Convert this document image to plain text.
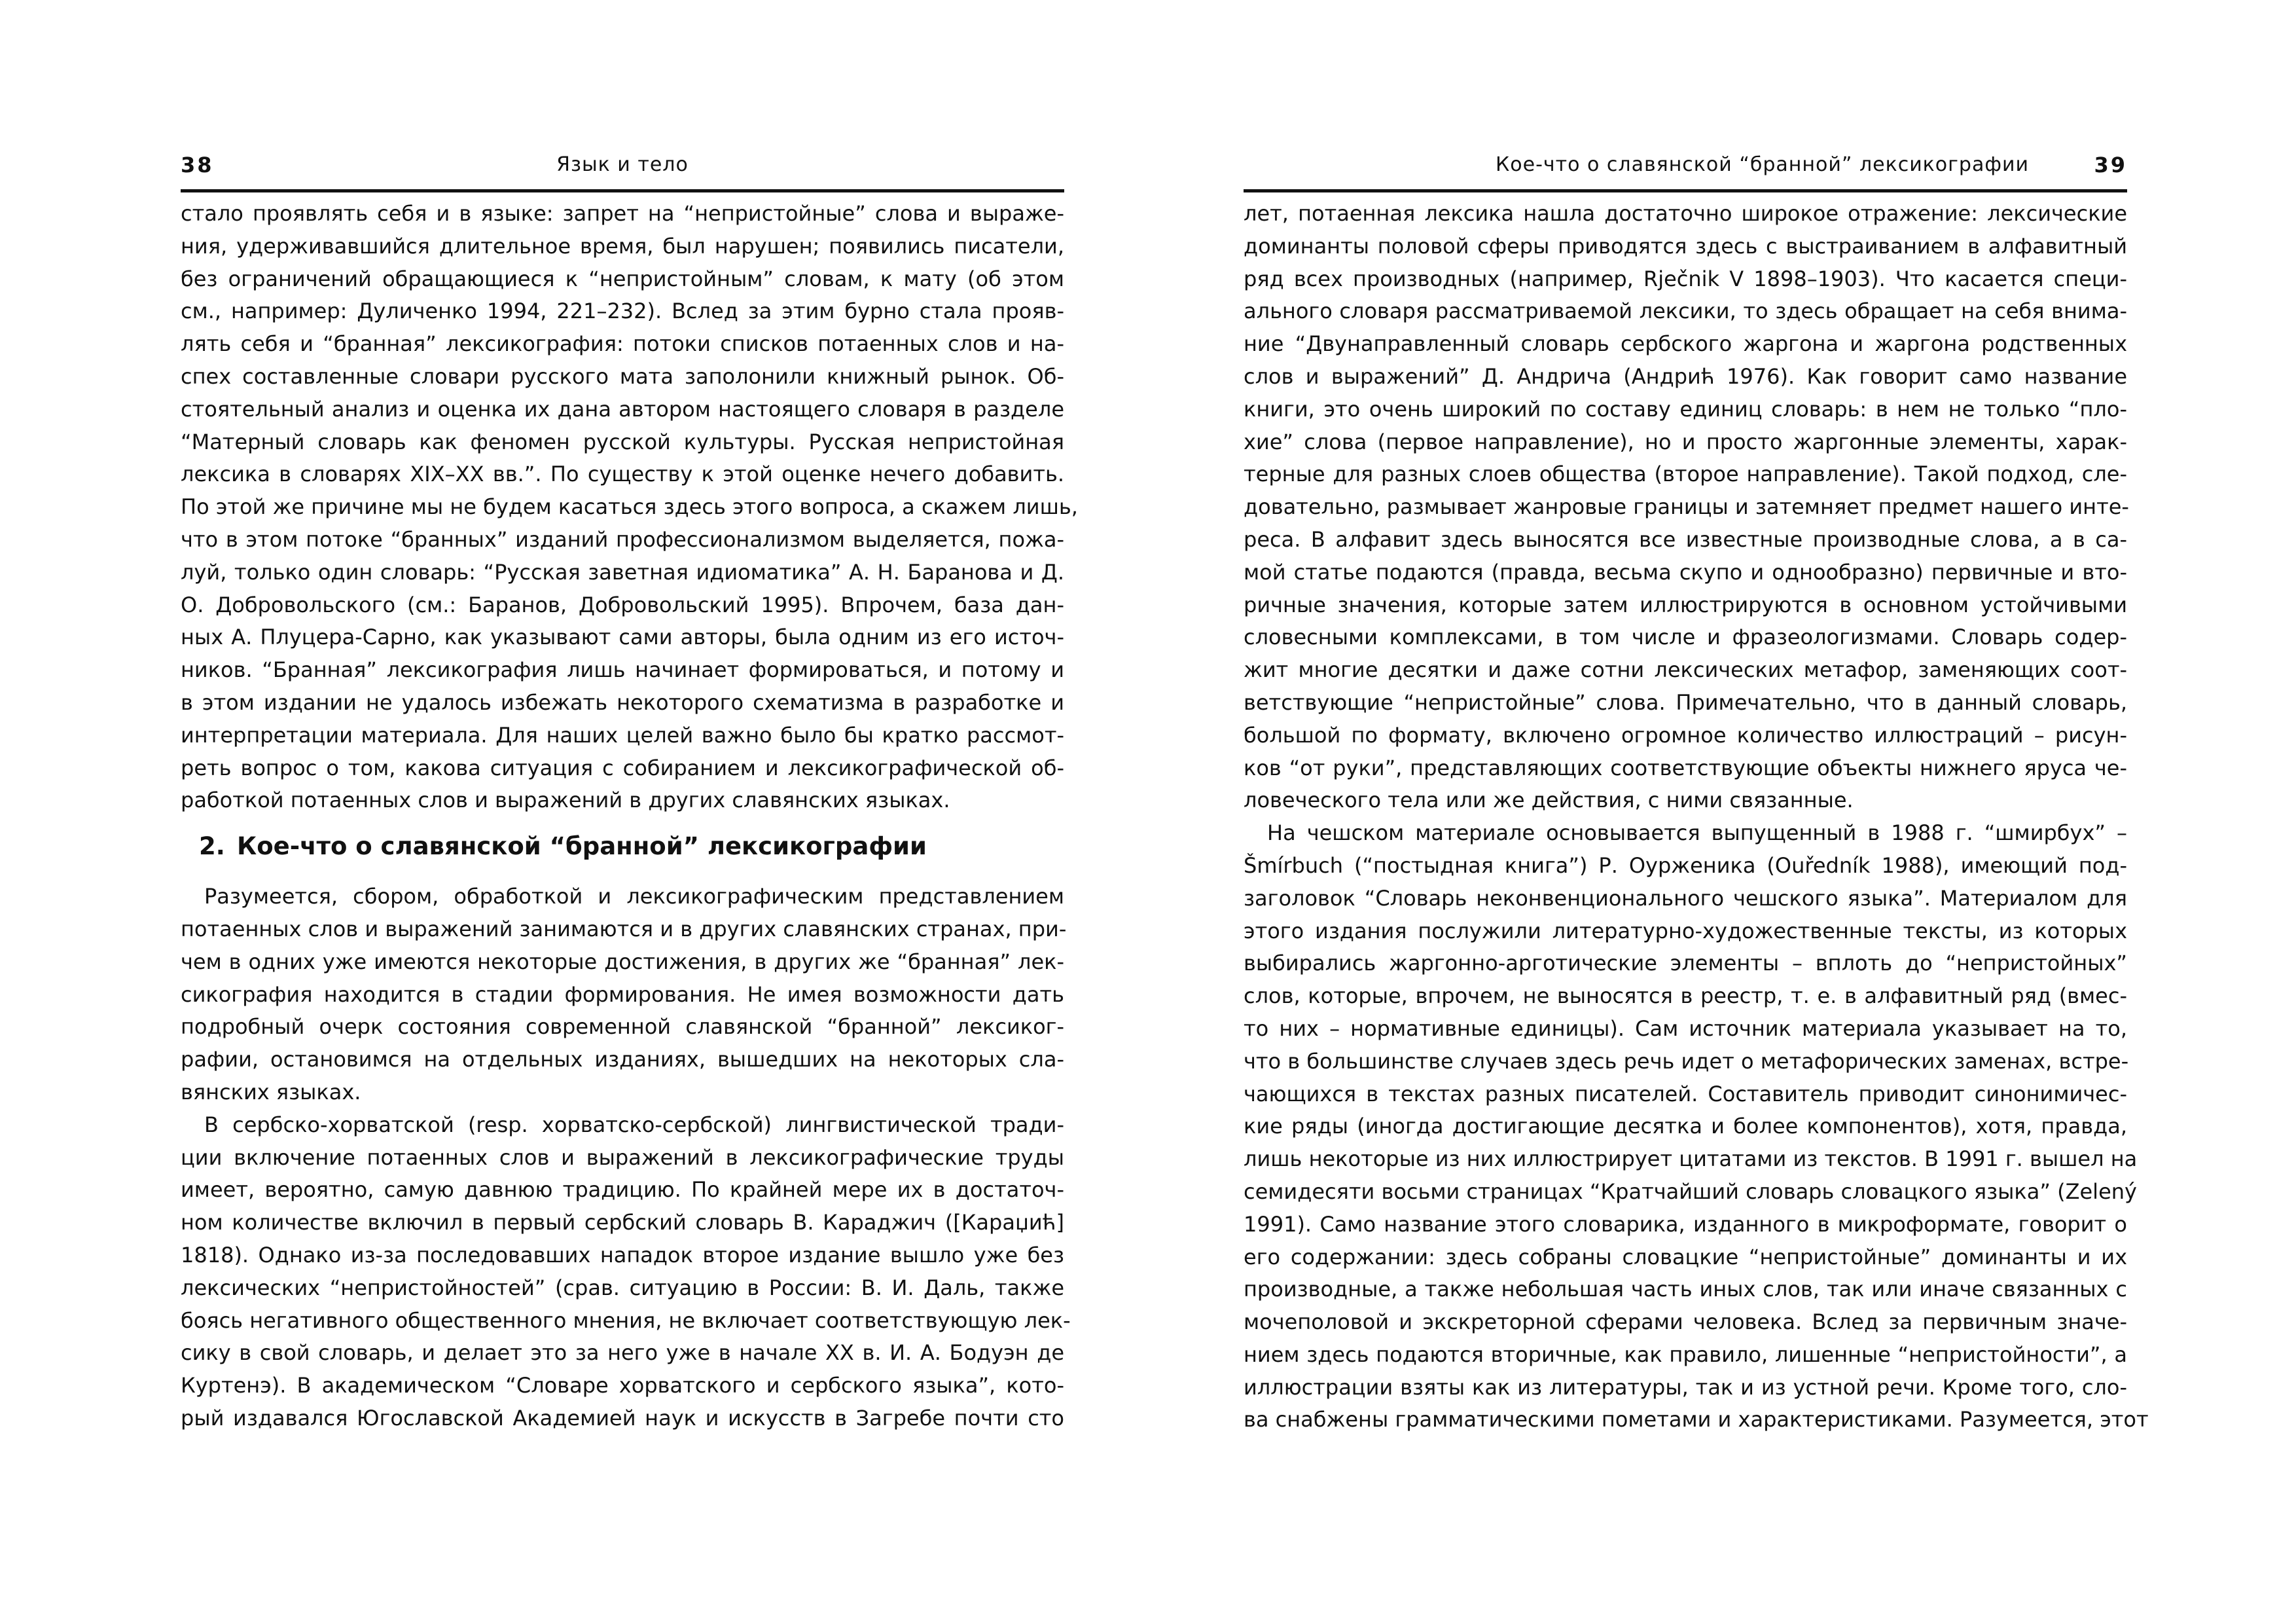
38	Язык и тело
стало проявлять себя и в языке: запрет на “непристойные” слова и выраже-
ния, удерживавшийся длительное время, был нарушен; появились писатели,
без ограничений обращающиеся к “непристойным” словам, к мату (об этом
см., например: Дуличенко 1994, 221–232). Вслед за этим бурно стала прояв-
лять себя и “бранная” лексикография: потоки списков потаенных слов и на-
спех составленные словари русского мата заполонили книжный рынок. Об-
стоятельный анализ и оценка их дана автором настоящего словаря в разделе
“Матерный словарь как феномен русской культуры. Русская непристойная
лексика в словарях XIX–XX вв.”. По существу к этой оценке нечего добавить.
По этой же причине мы не будем касаться здесь этого вопроса, а скажем лишь,
что в этом потоке “бранных” изданий профессионализмом выделяется, пожа-
луй, только один словарь: “Русская заветная идиоматика” А. Н. Баранова и Д.
О. Добровольского (см.: Баранов, Добровольский 1995). Впрочем, база дан-
ных А. Плуцера-Сарно, как указывают сами авторы, была одним из его источ-
ников. “Бранная” лексикография лишь начинает формироваться, и потому и
в этом издании не удалось избежать некоторого схематизма в разработке и
интерпретации материала. Для наших целей важно было бы кратко рассмот-
реть вопрос о том, какова ситуация с собиранием и лексикографической об-
работкой потаенных слов и выражений в других славянских языках.
2. Кое-что о славянской “бранной” лексикографии
Разумеется, сбором, обработкой и лексикографическим представлением
потаенных слов и выражений занимаются и в других славянских странах, при-
чем в одних уже имеются некоторые достижения, в других же “бранная” лек-
сикография находится в стадии формирования. Не имея возможности дать
подробный очерк состояния современной славянской “бранной” лексиког-
рафии, остановимся на отдельных изданиях, вышедших на некоторых сла-
вянских языках.
В сербско-хорватской (resp. хорватско-сербской) лингвистической тради-
ции включение потаенных слов и выражений в лексикографические труды
имеет, вероятно, самую давнюю традицию. По крайней мере их в достаточ-
ном количестве включил в первый сербский словарь В. Караджич ([Караџић]
1818). Однако из-за последовавших нападок второе издание вышло уже без
лексических “непристойностей” (срав. ситуацию в России: В. И. Даль, также
боясь негативного общественного мнения, не включает соответствующую лек-
сику в свой словарь, и делает это за него уже в начале XX в. И. А. Бодуэн де
Куртенэ). В академическом “Словаре хорватского и сербского языка”, кото-
рый издавался Югославской Академией наук и искусств в Загребе почти сто
Кое-что о славянской “бранной” лексикографии	39
лет, потаенная лексика нашла достаточно широкое отражение: лексические
доминанты половой сферы приводятся здесь с выстраиванием в алфавитный
ряд всех производных (например, Rječnik V 1898–1903). Что касается специ-
ального словаря рассматриваемой лексики, то здесь обращает на себя внима-
ние “Двунаправленный словарь сербского жаргона и жаргона родственных
слов и выражений” Д. Андрича (Андрић 1976). Как говорит само название
книги, это очень широкий по составу единиц словарь: в нем не только “пло-
хие” слова (первое направление), но и просто жаргонные элементы, харак-
терные для разных слоев общества (второе направление). Такой подход, сле-
довательно, размывает жанровые границы и затемняет предмет нашего инте-
реса. В алфавит здесь выносятся все известные производные слова, а в са-
мой статье подаются (правда, весьма скупо и однообразно) первичные и вто-
ричные значения, которые затем иллюстрируются в основном устойчивыми
словесными комплексами, в том числе и фразеологизмами. Словарь содер-
жит многие десятки и даже сотни лексических метафор, заменяющих соот-
ветствующие “непристойные” слова. Примечательно, что в данный словарь,
большой по формату, включено огромное количество иллюстраций – рисун-
ков “от руки”, представляющих соответствующие объекты нижнего яруса че-
ловеческого тела или же действия, с ними связанные.
На чешском материале основывается выпущенный в 1988 г. “шмирбух” –
Šmírbuch (“постыдная книга”) Р. Оурженика (Ouředník 1988), имеющий под-
заголовок “Словарь неконвенционального чешского языка”. Материалом для
этого издания послужили литературно-художественные тексты, из которых
выбирались жаргонно-арготические элементы – вплоть до “непристойных”
слов, которые, впрочем, не выносятся в реестр, т. е. в алфавитный ряд (вмес-
то них – нормативные единицы). Сам источник материала указывает на то,
что в большинстве случаев здесь речь идет о метафорических заменах, встре-
чающихся в текстах разных писателей. Составитель приводит синонимичес-
кие ряды (иногда достигающие десятка и более компонентов), хотя, правда,
лишь некоторые из них иллюстрирует цитатами из текстов. В 1991 г. вышел на
семидесяти восьми страницах “Кратчайший словарь словацкого языка” (Zelený
1991). Само название этого словарика, изданного в микроформате, говорит о
его содержании: здесь собраны словацкие “непристойные” доминанты и их
производные, а также небольшая часть иных слов, так или иначе связанных с
мочеполовой и экскреторной сферами человека. Вслед за первичным значе-
нием здесь подаются вторичные, как правило, лишенные “непристойности”, а
иллюстрации взяты как из литературы, так и из устной речи. Кроме того, сло-
ва снабжены грамматическими пометами и характеристиками. Разумеется, этот
